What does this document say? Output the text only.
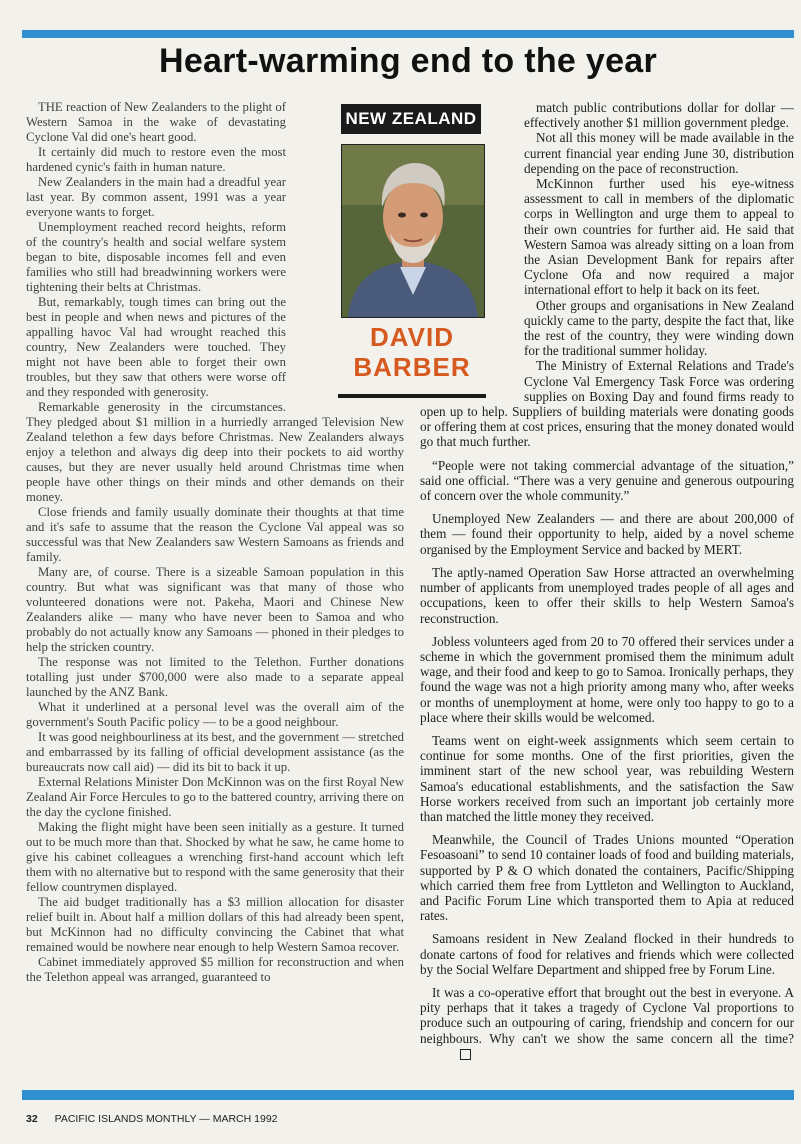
Heart-warming end to the year

THE reaction of New Zealanders to the plight of Western Samoa in the wake of devastating Cyclone Val did one's heart good.

It certainly did much to restore even the most hardened cynic's faith in human nature.

New Zealanders in the main had a dreadful year last year. By common assent, 1991 was a year everyone wants to forget.

Unemployment reached record heights, reform of the country's health and social welfare system began to bite, disposable incomes fell and even families who still had breadwinning workers were tightening their belts at Christmas.

But, remarkably, tough times can bring out the best in people and when news and pictures of the appalling havoc Val had wrought reached this country, New Zealanders were touched. They might not have been able to forget their own troubles, but they saw that others were worse off and they responded with generosity.

Remarkable generosity in the circumstances. They pledged about $1 million in a hurriedly arranged Television New Zealand telethon a few days before Christmas. New Zealanders always enjoy a telethon and always dig deep into their pockets to aid worthy causes, but they are never usually held around Christmas time when people have other things on their minds and other demands on their money.

Close friends and family usually dominate their thoughts at that time and it's safe to assume that the reason the Cyclone Val appeal was so successful was that New Zealanders saw Western Samoans as friends and family.

Many are, of course. There is a sizeable Samoan population in this country. But what was significant was that many of those who volunteered donations were not. Pakeha, Maori and Chinese New Zealanders alike — many who have never been to Samoa and who probably do not actually know any Samoans — phoned in their pledges to help the stricken country.

The response was not limited to the Telethon. Further donations totalling just under $700,000 were also made to a separate appeal launched by the ANZ Bank.

What it underlined at a personal level was the overall aim of the government's South Pacific policy — to be a good neighbour.

It was good neighbourliness at its best, and the government — stretched and embarrassed by its falling of official development assistance (as the bureaucrats now call aid) — did its bit to back it up.

External Relations Minister Don McKinnon was on the first Royal New Zealand Air Force Hercules to go to the battered country, arriving there on the day the cyclone finished.

Making the flight might have been seen initially as a gesture. It turned out to be much more than that. Shocked by what he saw, he came home to give his cabinet colleagues a wrenching first-hand account which left them with no alternative but to respond with the same generosity that their fellow countrymen displayed.

The aid budget traditionally has a $3 million allocation for disaster relief built in. About half a million dollars of this had already been spent, but McKinnon had no difficulty convincing the Cabinet that what remained would be nowhere near enough to help Western Samoa recover.

Cabinet immediately approved $5 million for reconstruction and when the Telethon appeal was arranged, guaranteed to

match public contributions dollar for dollar — effectively another $1 million government pledge.

Not all this money will be made available in the current financial year ending June 30, distribution depending on the pace of reconstruction.

McKinnon further used his eye-witness assessment to call in members of the diplomatic corps in Wellington and urge them to appeal to their own countries for further aid. He said that Western Samoa was already sitting on a loan from the Asian Development Bank for repairs after Cyclone Ofa and now required a major international effort to help it back on its feet.

Other groups and organisations in New Zealand quickly came to the party, despite the fact that, like the rest of the country, they were winding down for the traditional summer holiday.

The Ministry of External Relations and Trade's Cyclone Val Emergency Task Force was ordering supplies on Boxing Day and found firms ready to open up to help. Suppliers of building materials were donating goods or offering them at cost prices, ensuring that the money donated would go that much further.

“People were not taking commercial advantage of the situation,” said one official. “There was a very genuine and generous outpouring of concern over the whole community.”

Unemployed New Zealanders — and there are about 200,000 of them — found their opportunity to help, aided by a novel scheme organised by the Employment Service and backed by MERT.

The aptly-named Operation Saw Horse attracted an overwhelming number of applicants from unemployed trades people of all ages and occupations, keen to offer their skills to help Western Samoa's reconstruction.

Jobless volunteers aged from 20 to 70 offered their services under a scheme in which the government promised them the minimum adult wage, and their food and keep to go to Samoa. Ironically perhaps, they found the wage was not a high priority among many who, after weeks or months of unemployment at home, were only too happy to go to a place where their skills would be welcomed.

Teams went on eight-week assignments which seem certain to continue for some months. One of the first priorities, given the imminent start of the new school year, was rebuilding Western Samoa's educational establishments, and the satisfaction the Saw Horse workers received from such an important job certainly more than matched the little money they received.

Meanwhile, the Council of Trades Unions mounted “Operation Fesoasoani” to send 10 container loads of food and building materials, supported by P & O which donated the containers, Pacific/Shipping which carried them free from Lyttleton and Wellington to Auckland, and Pacific Forum Line which transported them to Apia at reduced rates.

Samoans resident in New Zealand flocked in their hundreds to donate cartons of food for relatives and friends which were collected by the Social Welfare Department and shipped free by Forum Line.

It was a co-operative effort that brought out the best in everyone. A pity perhaps that it takes a tragedy of Cyclone Val proportions to produce such an outpouring of caring, friendship and concern for our neighbours. Why can't we show the same concern all the time?

NEW ZEALAND
DAVID
BARBER
32 PACIFIC ISLANDS MONTHLY — MARCH 1992
